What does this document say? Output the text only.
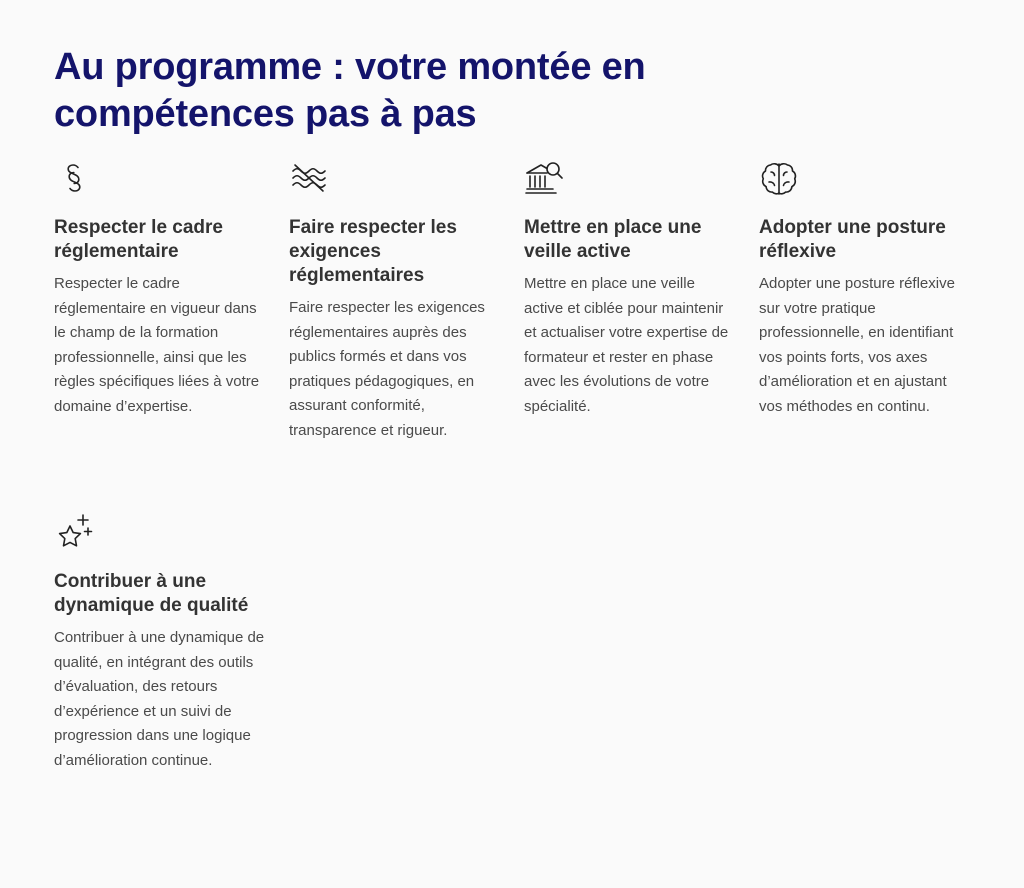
Au programme : votre montée en compétences pas à pas
Respecter le cadre réglementaire

Respecter le cadre réglementaire en vigueur dans le champ de la formation professionnelle, ainsi que les règles spécifiques liées à votre domaine d’expertise.

Faire respecter les exigences réglementaires

Faire respecter les exigences réglementaires auprès des publics formés et dans vos pratiques pédagogiques, en assurant conformité, transparence et rigueur.

Mettre en place une veille active

Mettre en place une veille active et ciblée pour maintenir et actualiser votre expertise de formateur et rester en phase avec les évolutions de votre spécialité.

Adopter une posture réflexive

Adopter une posture réflexive sur votre pratique professionnelle, en identifiant vos points forts, vos axes d’amélioration et en ajustant vos méthodes en continu.

Contribuer à une dynamique de qualité

Contribuer à une dynamique de qualité, en intégrant des outils d’évaluation, des retours d’expérience et un suivi de progression dans une logique d’amélioration continue.
